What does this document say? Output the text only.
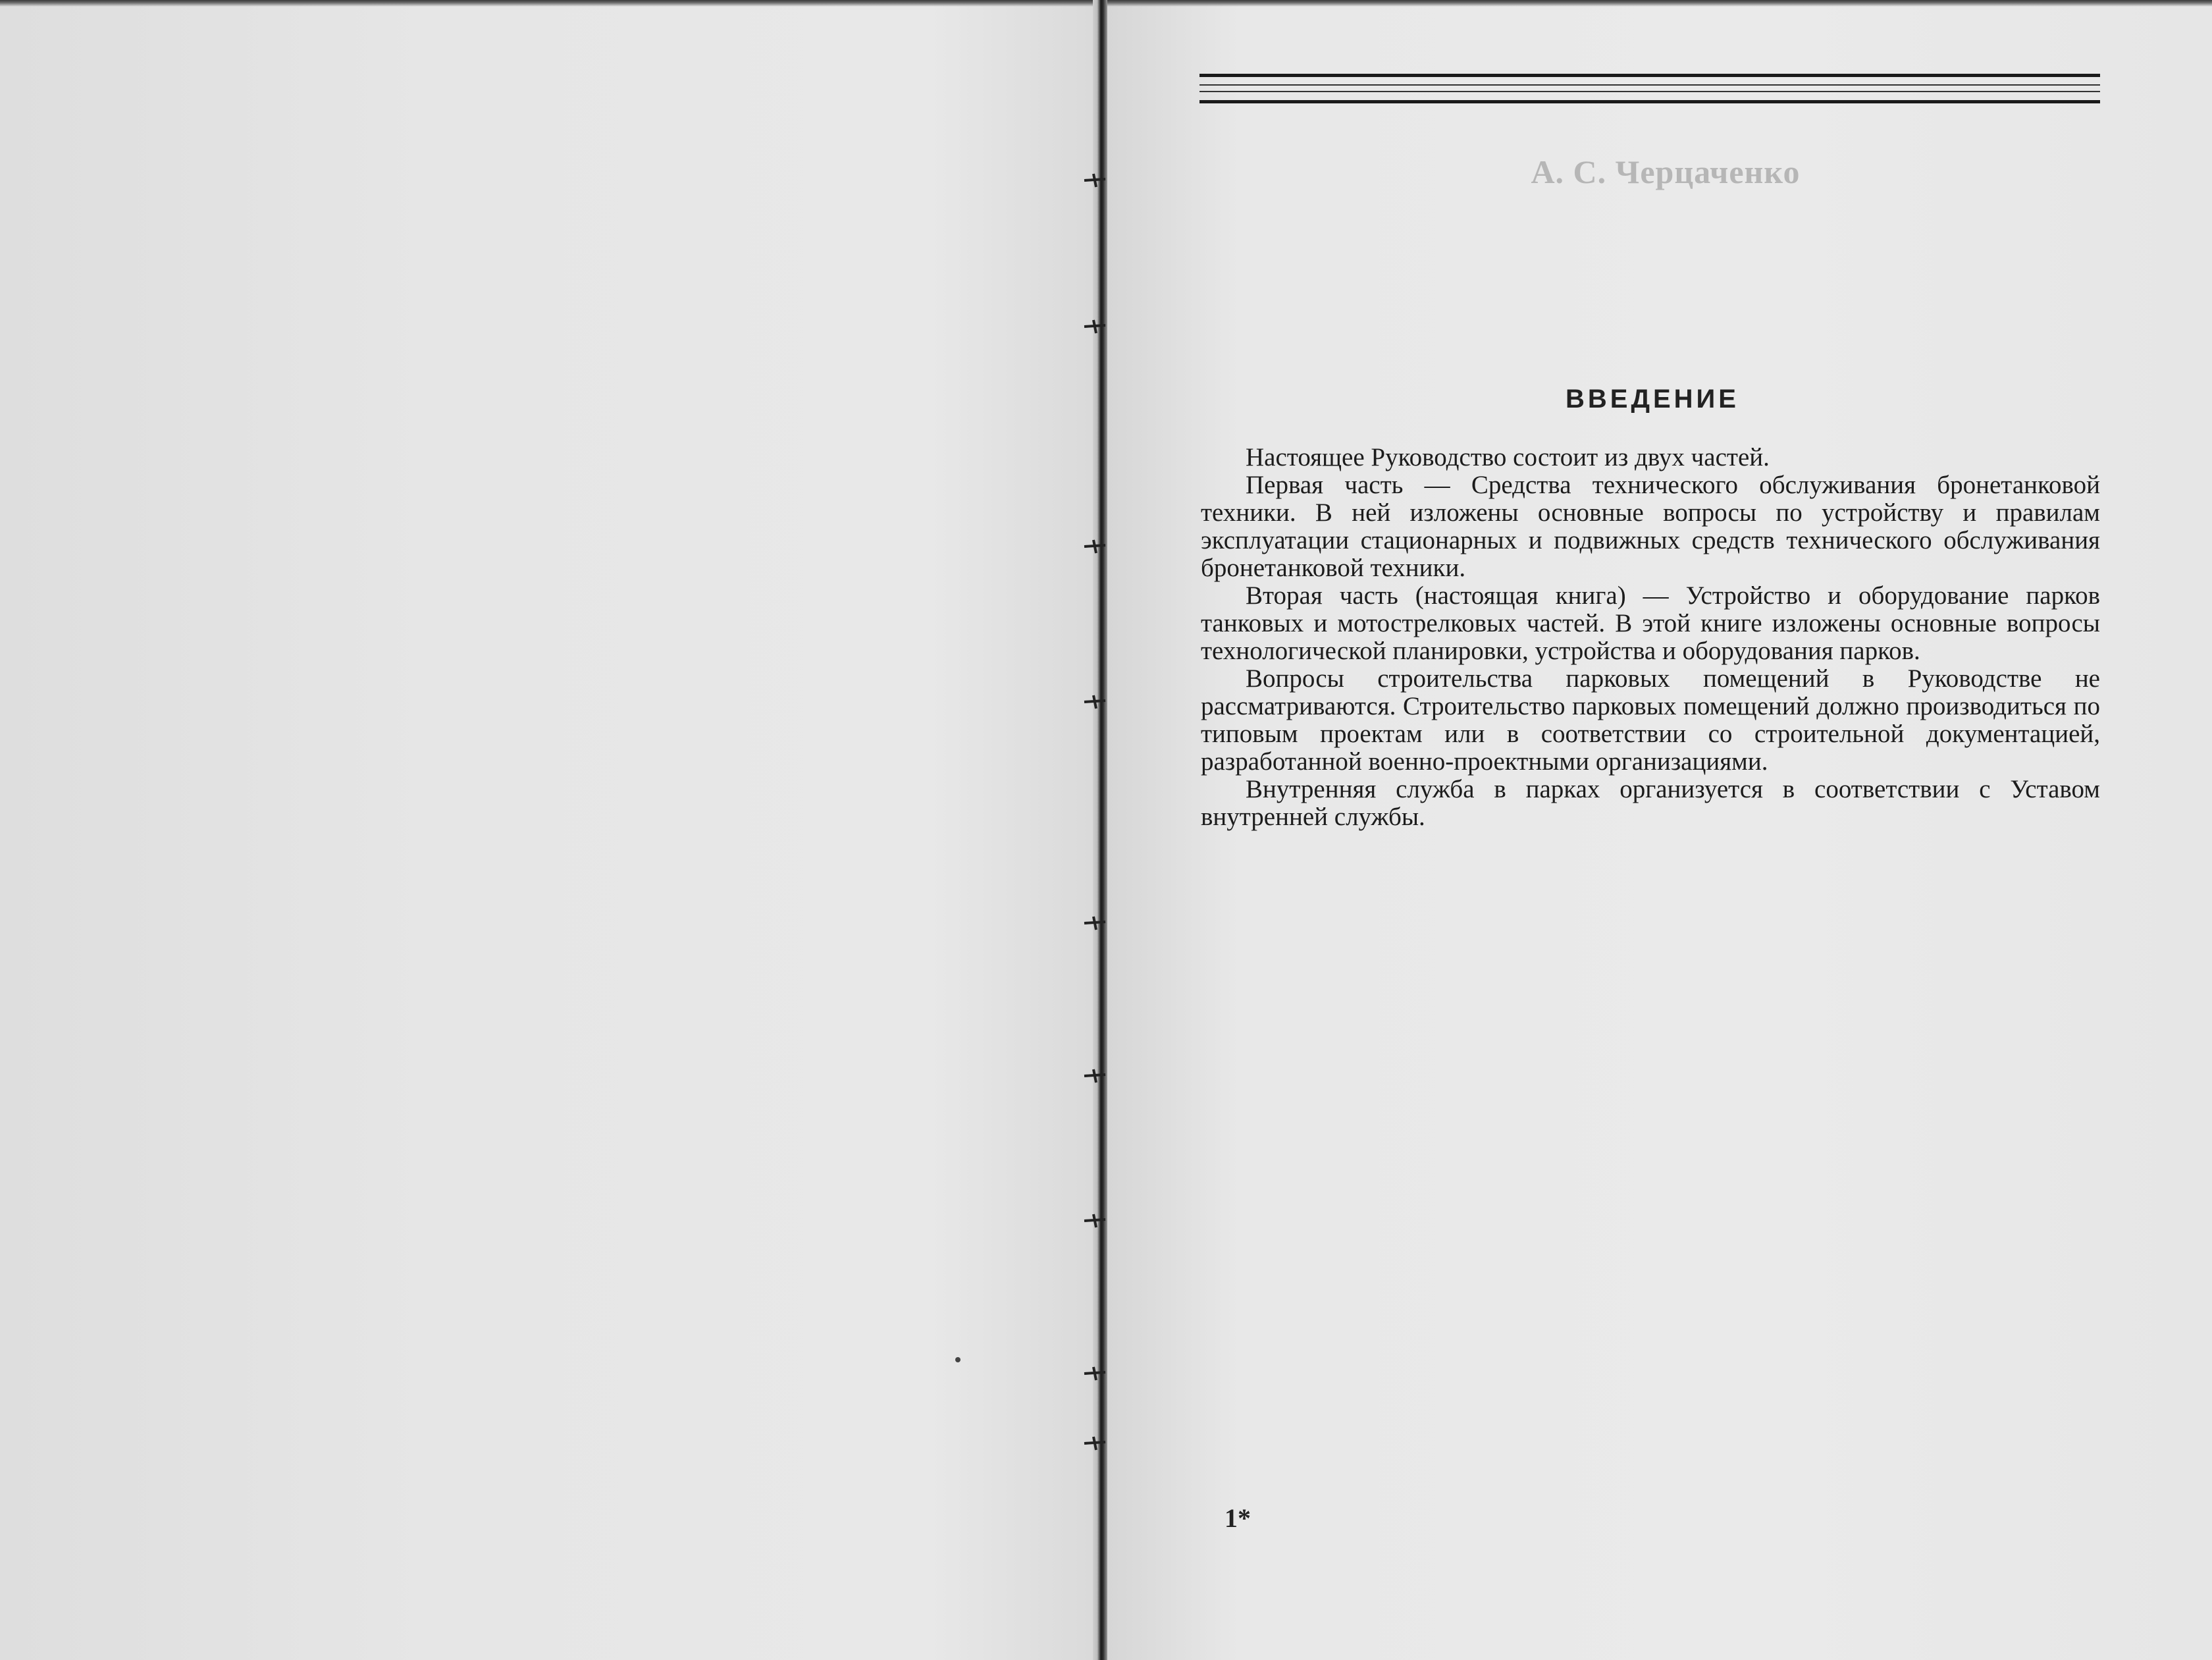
А. С. Черцаченко
ВВЕДЕНИЕ

Настоящее Руководство состоит из двух частей.

Первая часть — Средства технического обслуживания бронетанковой техники. В ней изложены основные вопросы по устройству и правилам эксплуатации стационарных и подвижных средств технического обслуживания бронетанковой техники.

Вторая часть (настоящая книга) — Устройство и оборудование парков танковых и мотострелковых частей. В этой книге изложены основные вопросы технологической планировки, устройства и оборудования парков.

Вопросы строительства парковых помещений в Руководстве не рассматриваются. Строительство парковых помещений должно производиться по типовым проектам или в соответствии со строительной документацией, разработанной военно-проектными организациями.

Внутренняя служба в парках организуется в соответствии с Уставом внутренней службы.

1*
